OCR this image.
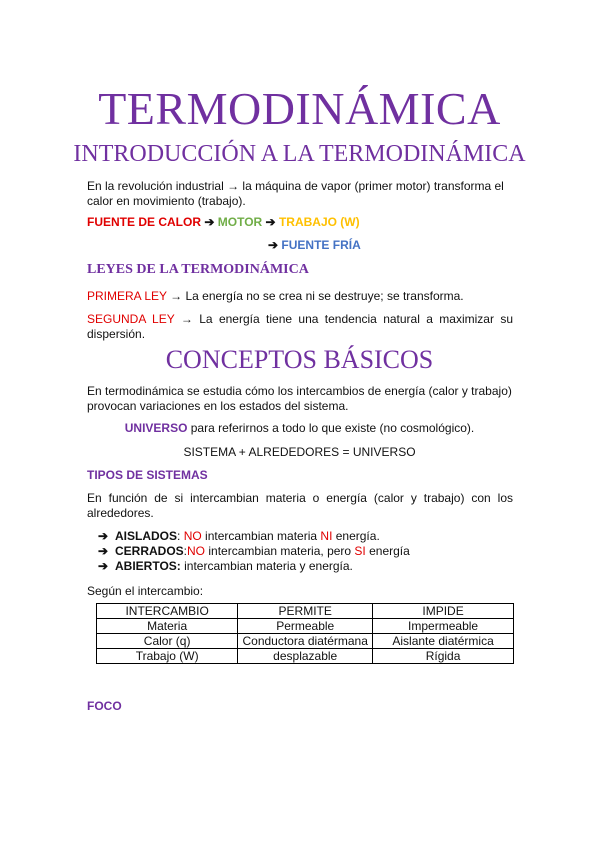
TERMODINÁMICA
INTRODUCCIÓN A LA TERMODINÁMICA
En la revolución industrial → la máquina de vapor (primer motor) transforma el calor en movimiento (trabajo).
FUENTE DE CALOR ➔ MOTOR ➔ TRABAJO (W)
➔ FUENTE FRÍA
LEYES DE LA TERMODINÁMICA
PRIMERA LEY → La energía no se crea ni se destruye; se transforma.
SEGUNDA LEY → La energía tiene una tendencia natural a maximizar su dispersión.
CONCEPTOS BÁSICOS
En termodinámica se estudia cómo los intercambios de energía (calor y trabajo) provocan variaciones en los estados del sistema.
UNIVERSO para referirnos a todo lo que existe (no cosmológico).
SISTEMA + ALREDEDORES = UNIVERSO
TIPOS DE SISTEMAS
En función de si intercambian materia o energía (calor y trabajo) con los alrededores.
➔ AISLADOS: NO intercambian materia NI energía.
➔ CERRADOS:NO intercambian materia, pero SI energía
➔ ABIERTOS: intercambian materia y energía.
Según el intercambio:
INTERCAMBIO	PERMITE	IMPIDE
Materia	Permeable	Impermeable
Calor (q)	Conductora diatérmana	Aislante diatérmica
Trabajo (W)	desplazable	Rígida
FOCO
